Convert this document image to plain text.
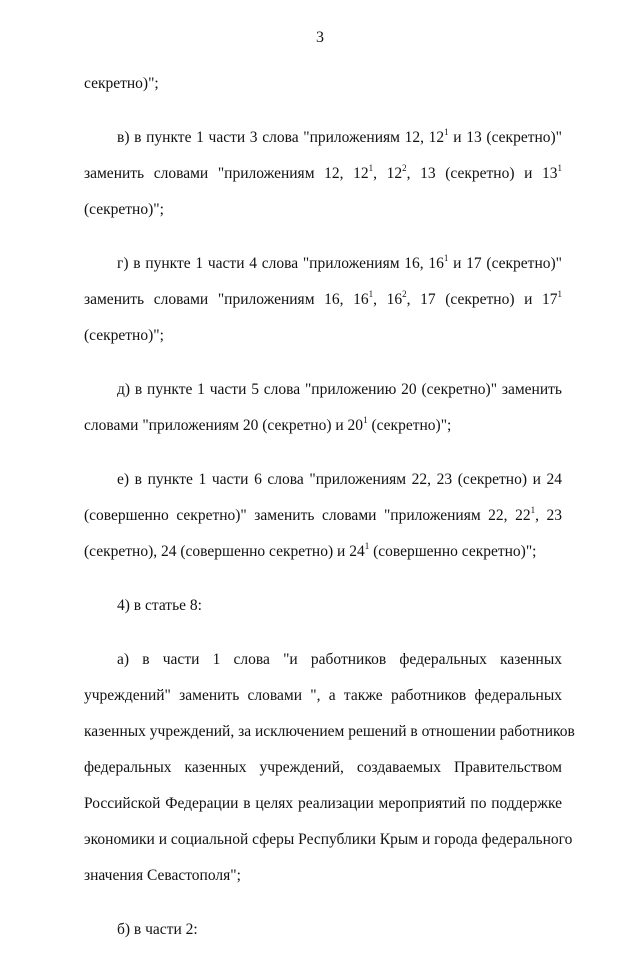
3

секретно)";

в) в пункте 1 части 3 слова "приложениям 12, $12^1$ и 13 (секретно)"
заменить словами "приложениям 12, $12^1$, $12^2$, 13 (секретно) и $13^1$
(секретно)";

г) в пункте 1 части 4 слова "приложениям 16, $16^1$ и 17 (секретно)"
заменить словами "приложениям 16, $16^1$, $16^2$, 17 (секретно) и $17^1$
(секретно)";

д) в пункте 1 части 5 слова "приложению 20 (секретно)" заменить
словами "приложениям 20 (секретно) и $20^1$ (секретно)";

е) в пункте 1 части 6 слова "приложениям 22, 23 (секретно) и 24
(совершенно секретно)" заменить словами "приложениям 22, $22^1$, 23
(секретно), 24 (совершенно секретно) и $24^1$ (совершенно секретно)";

4) в статье 8:

а) в части 1 слова "и работников федеральных казенных
учреждений" заменить словами ", а также работников федеральных
казенных учреждений, за исключением решений в отношении работников
федеральных казенных учреждений, создаваемых Правительством
Российской Федерации в целях реализации мероприятий по поддержке
экономики и социальной сферы Республики Крым и города федерального
значения Севастополя";

б) в части 2:
